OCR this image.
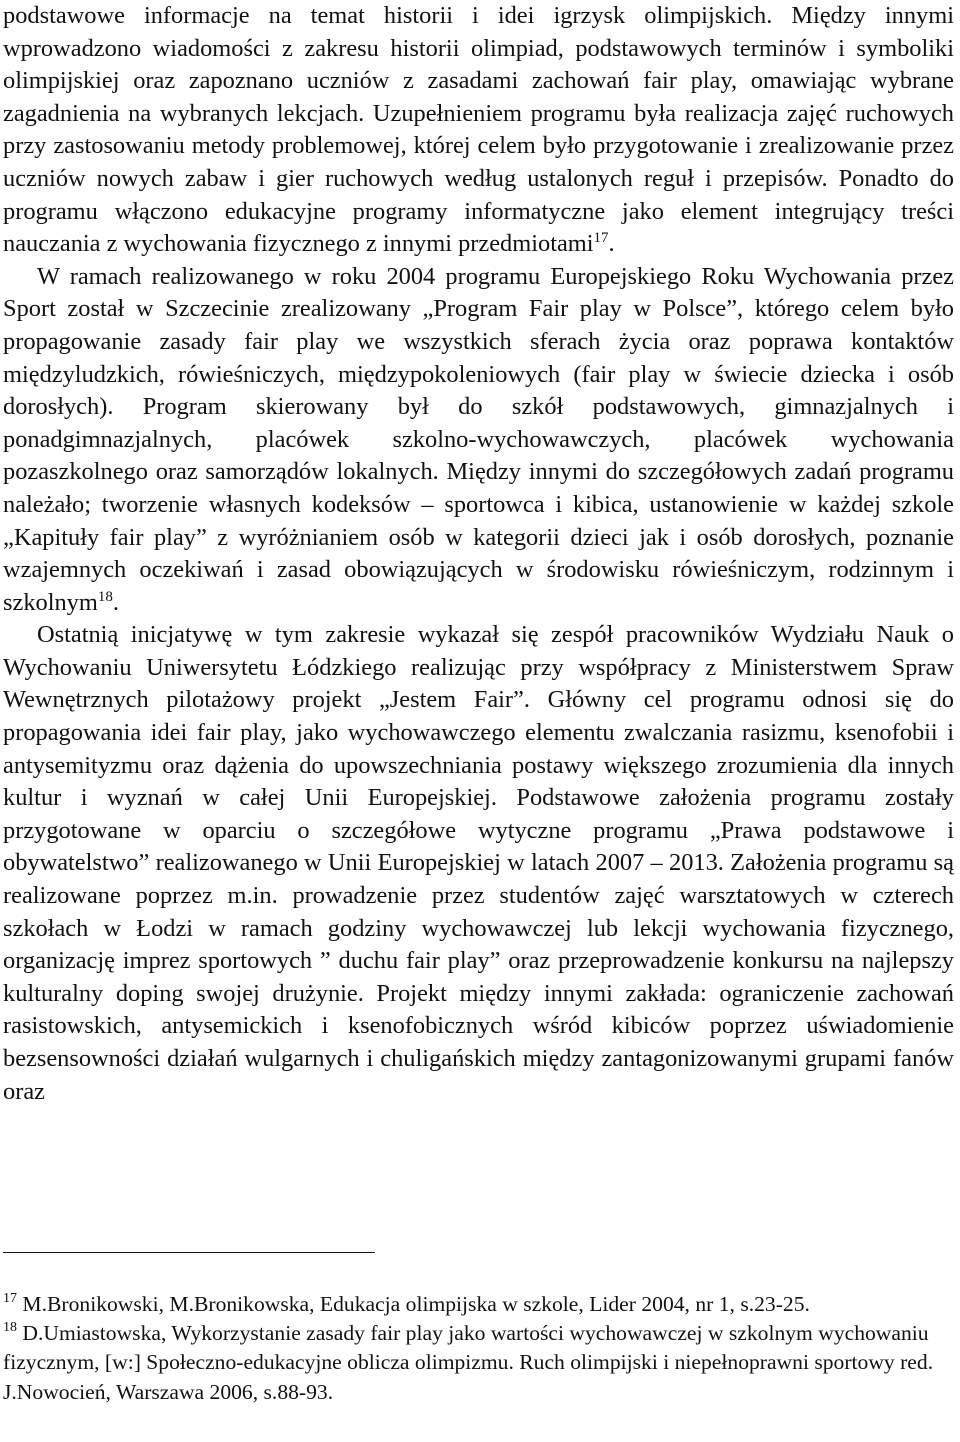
podstawowe informacje na temat historii i idei igrzysk olimpijskich. Między innymi wprowadzono wiadomości z zakresu historii olimpiad, podstawowych terminów i symboliki olimpijskiej oraz zapoznano uczniów z zasadami zachowań fair play, omawiając wybrane zagadnienia na wybranych lekcjach. Uzupełnieniem programu była realizacja zajęć ruchowych przy zastosowaniu metody problemowej, której celem było przygotowanie i zrealizowanie przez uczniów nowych zabaw i gier ruchowych według ustalonych reguł i przepisów. Ponadto do programu włączono edukacyjne programy informatyczne jako element integrujący treści nauczania z wychowania fizycznego z innymi przedmiotami$^{17}$.

W ramach realizowanego w roku 2004 programu Europejskiego Roku Wychowania przez Sport został w Szczecinie zrealizowany „Program Fair play w Polsce”, którego celem było propagowanie zasady fair play we wszystkich sferach życia oraz poprawa kontaktów międzyludzkich, rówieśniczych, międzypokoleniowych (fair play w świecie dziecka i osób dorosłych). Program skierowany był do szkół podstawowych, gimnazjalnych i ponadgimnazjalnych, placówek szkolno-wychowawczych, placówek wychowania pozaszkolnego oraz samorządów lokalnych. Między innymi do szczegółowych zadań programu należało; tworzenie własnych kodeksów – sportowca i kibica, ustanowienie w każdej szkole „Kapituły fair play” z wyróżnianiem osób w kategorii dzieci jak i osób dorosłych, poznanie wzajemnych oczekiwań i zasad obowiązujących w środowisku rówieśniczym, rodzinnym i szkolnym$^{18}$.

Ostatnią inicjatywę w tym zakresie wykazał się zespół pracowników Wydziału Nauk o Wychowaniu Uniwersytetu Łódzkiego realizując przy współpracy z Ministerstwem Spraw Wewnętrznych pilotażowy projekt „Jestem Fair”. Główny cel programu odnosi się do propagowania idei fair play, jako wychowawczego elementu zwalczania rasizmu, ksenofobii i antysemityzmu oraz dążenia do upowszechniania postawy większego zrozumienia dla innych kultur i wyznań w całej Unii Europejskiej. Podstawowe założenia programu zostały przygotowane w oparciu o szczegółowe wytyczne programu „Prawa podstawowe i obywatelstwo” realizowanego w Unii Europejskiej w latach 2007 – 2013. Założenia programu są realizowane poprzez m.in. prowadzenie przez studentów zajęć warsztatowych w czterech szkołach w Łodzi w ramach godziny wychowawczej lub lekcji wychowania fizycznego, organizację imprez sportowych ” duchu fair play” oraz przeprowadzenie konkursu na najlepszy kulturalny doping swojej drużynie. Projekt między innymi zakłada: ograniczenie zachowań rasistowskich, antysemickich i ksenofobicznych wśród kibiców poprzez uświadomienie bezsensowności działań wulgarnych i chuligańskich między zantagonizowanymi grupami fanów oraz

$^{17}$ M.Bronikowski, M.Bronikowska, Edukacja olimpijska w szkole, Lider 2004, nr 1, s.23-25.

$^{18}$ D.Umiastowska, Wykorzystanie zasady fair play jako wartości wychowawczej w szkolnym wychowaniu fizycznym, [w:] Społeczno-edukacyjne oblicza olimpizmu. Ruch olimpijski i niepełnoprawni sportowy red. J.Nowocień, Warszawa 2006, s.88-93.
